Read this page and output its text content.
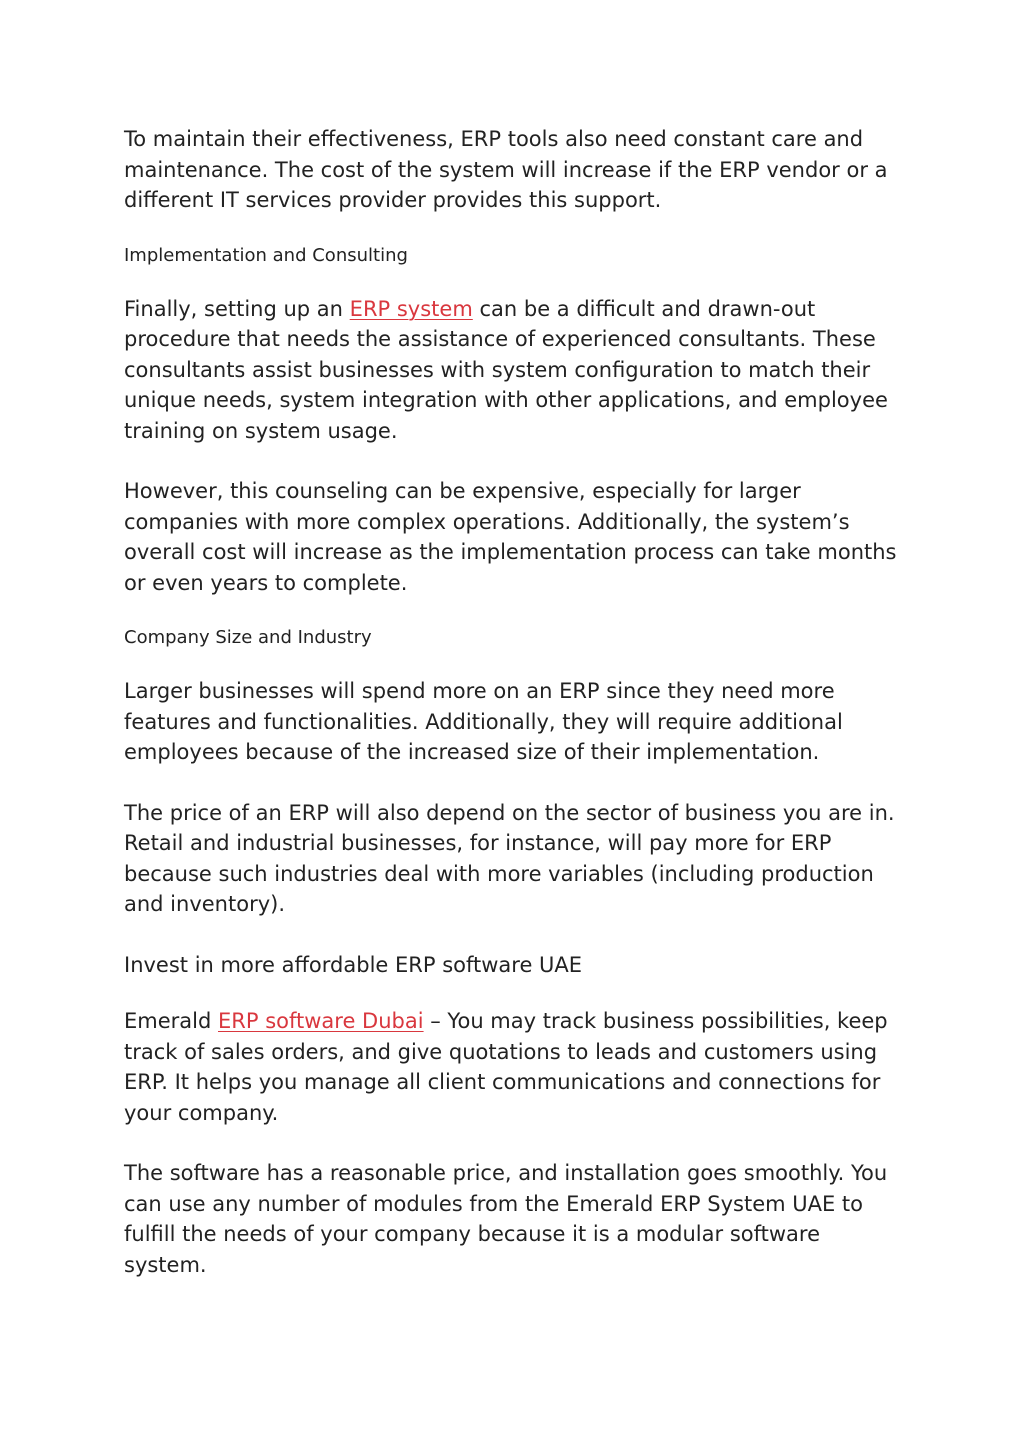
To maintain their effectiveness, ERP tools also need constant care and maintenance. The cost of the system will increase if the ERP vendor or a different IT services provider provides this support.

Implementation and Consulting

Finally, setting up an ERP system can be a difficult and drawn-out procedure that needs the assistance of experienced consultants. These consultants assist businesses with system configuration to match their unique needs, system integration with other applications, and employee training on system usage.

However, this counseling can be expensive, especially for larger companies with more complex operations. Additionally, the system’s overall cost will increase as the implementation process can take months or even years to complete.

Company Size and Industry

Larger businesses will spend more on an ERP since they need more features and functionalities. Additionally, they will require additional employees because of the increased size of their implementation.

The price of an ERP will also depend on the sector of business you are in. Retail and industrial businesses, for instance, will pay more for ERP because such industries deal with more variables (including production and inventory).

Invest in more affordable ERP software UAE

Emerald ERP software Dubai – You may track business possibilities, keep track of sales orders, and give quotations to leads and customers using ERP. It helps you manage all client communications and connections for your company.

The software has a reasonable price, and installation goes smoothly. You can use any number of modules from the Emerald ERP System UAE to fulfill the needs of your company because it is a modular software system.
